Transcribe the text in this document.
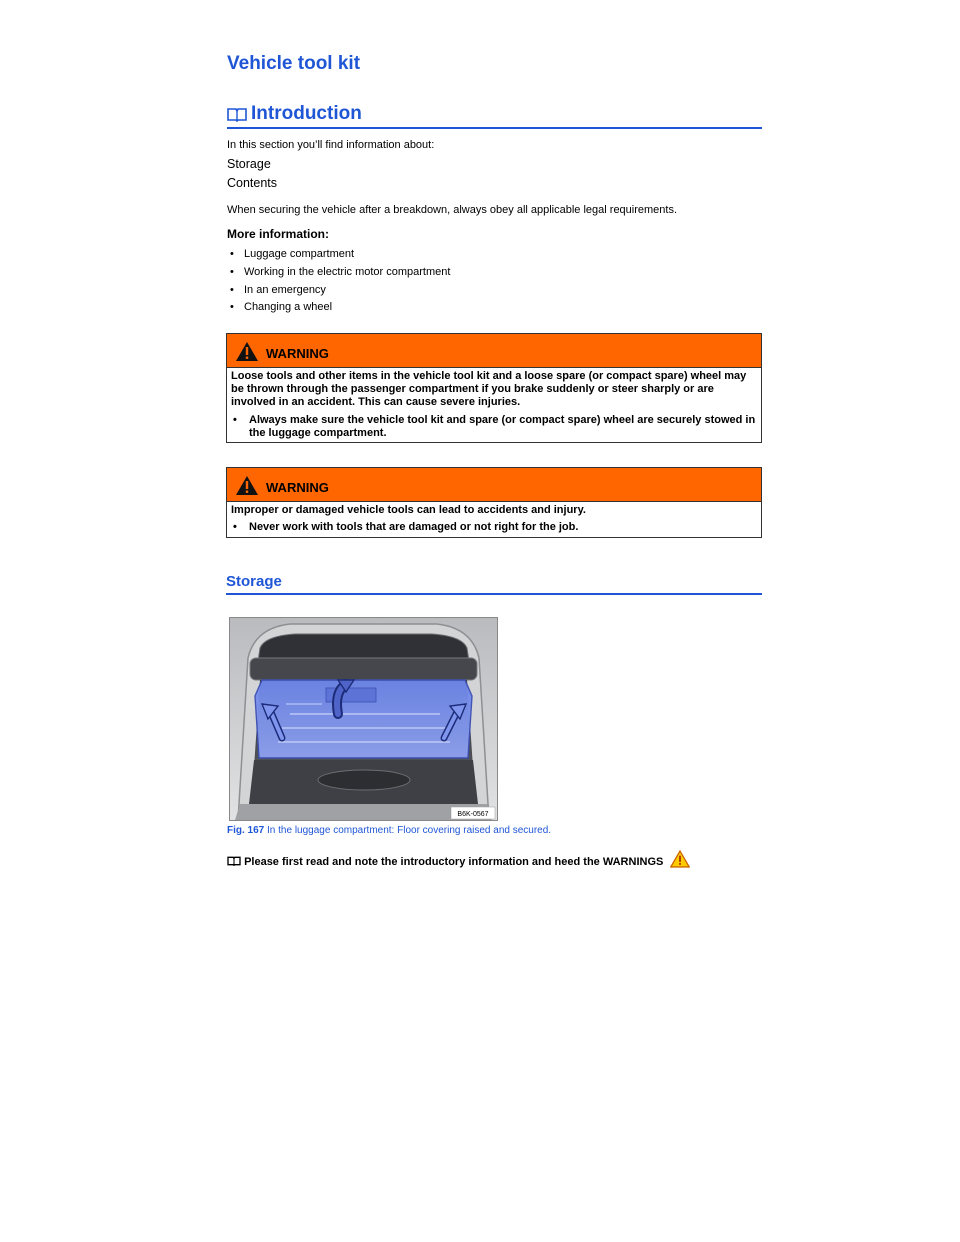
Vehicle tool kit
Introduction
In this section you’ll find information about:
Storage
Contents
When securing the vehicle after a breakdown, always obey all applicable legal requirements.
More information:
• Luggage compartment
• Working in the electric motor compartment
• In an emergency
• Changing a wheel
WARNING
Loose tools and other items in the vehicle tool kit and a loose spare (or compact spare) wheel may be thrown through the passenger compartment if you brake suddenly or steer sharply or are involved in an accident. This can cause severe injuries.
• Always make sure the vehicle tool kit and spare (or compact spare) wheel are securely stowed in the luggage compartment.
WARNING
Improper or damaged vehicle tools can lead to accidents and injury.
• Never work with tools that are damaged or not right for the job.
Storage
B6K-0567
Fig. 167 In the luggage compartment: Floor covering raised and secured.
Please first read and note the introductory information and heed the WARNINGS
